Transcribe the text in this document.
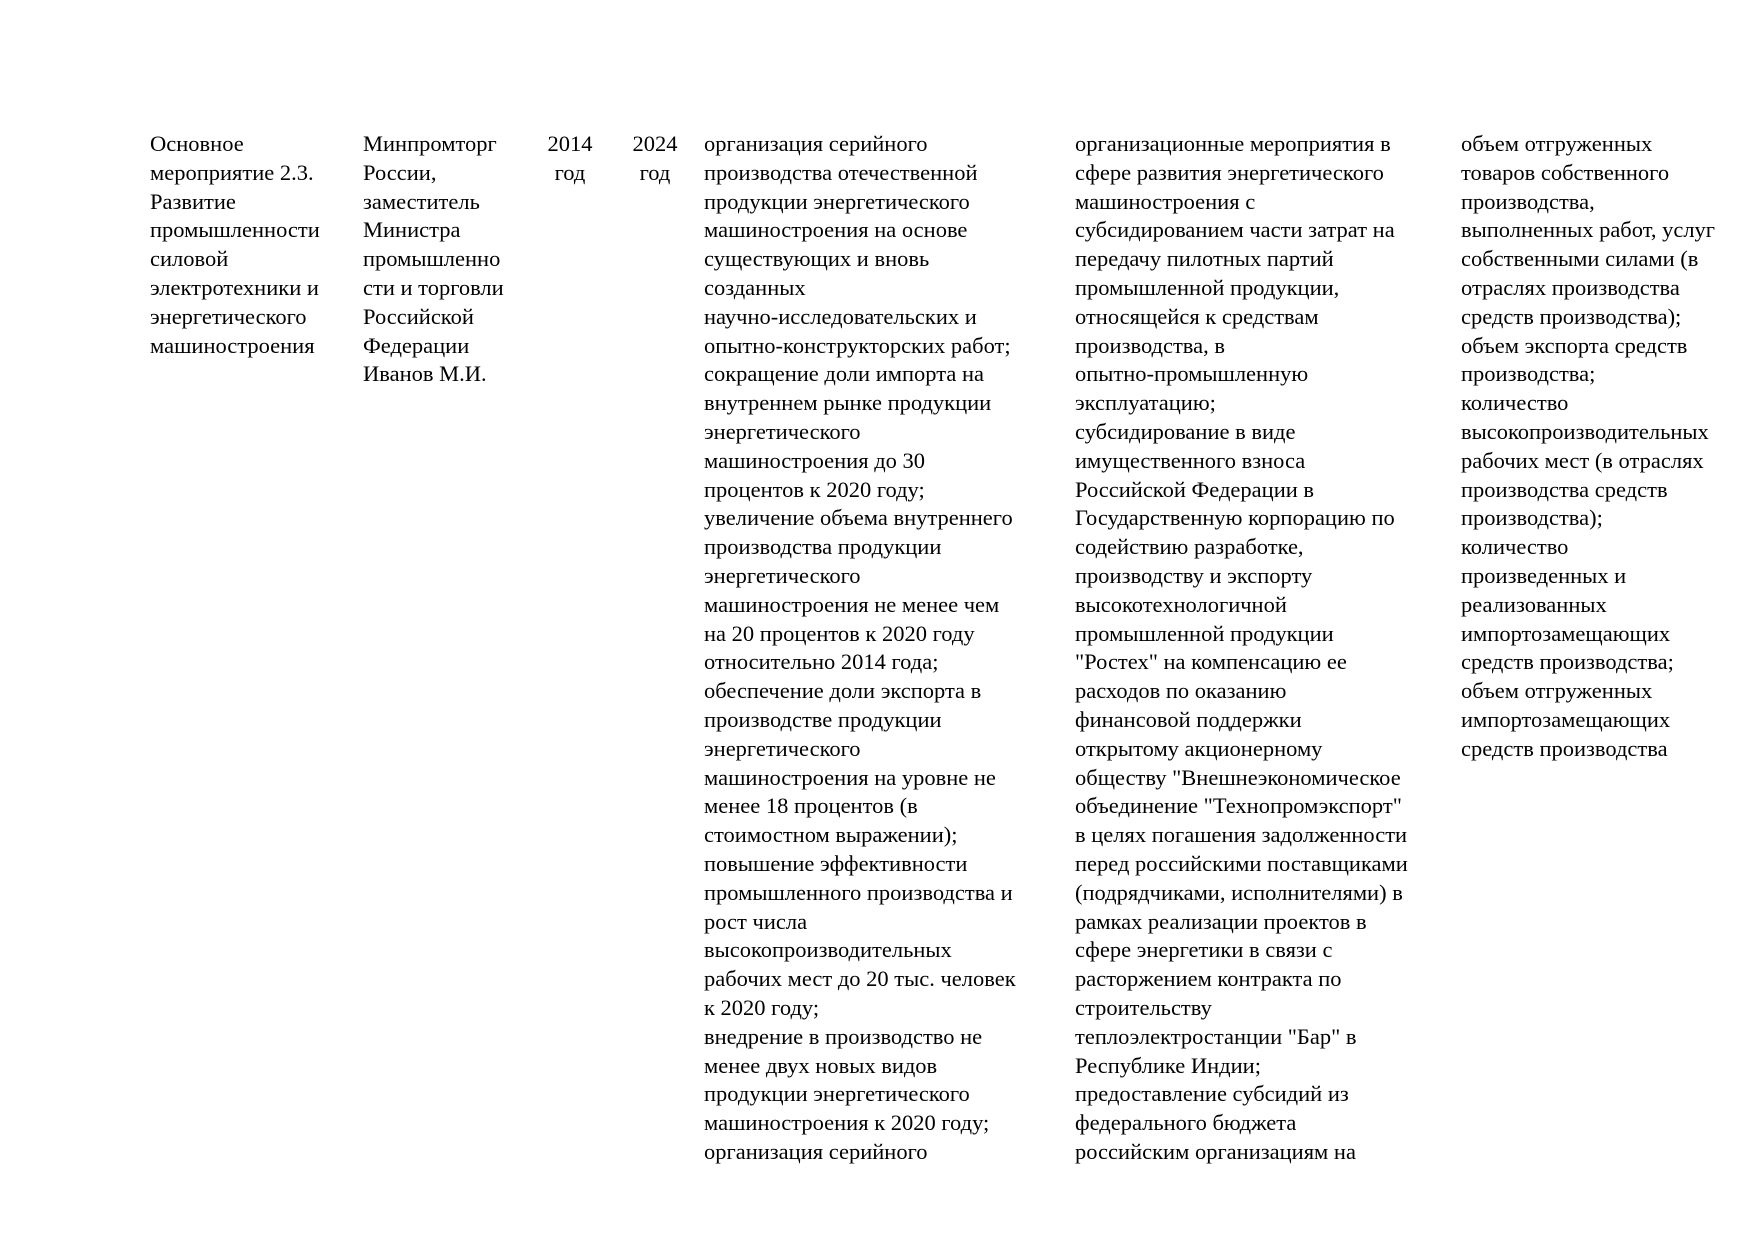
Основное
мероприятие 2.3.
Развитие
промышленности
силовой
электротехники и
энергетического
машиностроения
Минпромторг
России,
заместитель
Министра
промышленно
сти и торговли
Российской
Федерации
Иванов М.И.
2014
год
2024
год
организация серийного
производства отечественной
продукции энергетического
машиностроения на основе
существующих и вновь
созданных
научно-исследовательских и
опытно-конструкторских работ;
сокращение доли импорта на
внутреннем рынке продукции
энергетического
машиностроения до 30
процентов к 2020 году;
увеличение объема внутреннего
производства продукции
энергетического
машиностроения не менее чем
на 20 процентов к 2020 году
относительно 2014 года;
обеспечение доли экспорта в
производстве продукции
энергетического
машиностроения на уровне не
менее 18 процентов (в
стоимостном выражении);
повышение эффективности
промышленного производства и
рост числа
высокопроизводительных
рабочих мест до 20 тыс. человек
к 2020 году;
внедрение в производство не
менее двух новых видов
продукции энергетического
машиностроения к 2020 году;
организация серийного
организационные мероприятия в
сфере развития энергетического
машиностроения с
субсидированием части затрат на
передачу пилотных партий
промышленной продукции,
относящейся к средствам
производства, в
опытно-промышленную
эксплуатацию;
субсидирование в виде
имущественного взноса
Российской Федерации в
Государственную корпорацию по
содействию разработке,
производству и экспорту
высокотехнологичной
промышленной продукции
"Ростех" на компенсацию ее
расходов по оказанию
финансовой поддержки
открытому акционерному
обществу "Внешнеэкономическое
объединение "Технопромэкспорт"
в целях погашения задолженности
перед российскими поставщиками
(подрядчиками, исполнителями) в
рамках реализации проектов в
сфере энергетики в связи с
расторжением контракта по
строительству
теплоэлектростанции "Бар" в
Республике Индии;
предоставление субсидий из
федерального бюджета
российским организациям на
объем отгруженных
товаров собственного
производства,
выполненных работ, услуг
собственными силами (в
отраслях производства
средств производства);
объем экспорта средств
производства;
количество
высокопроизводительных
рабочих мест (в отраслях
производства средств
производства);
количество
произведенных и
реализованных
импортозамещающих
средств производства;
объем отгруженных
импортозамещающих
средств производства
